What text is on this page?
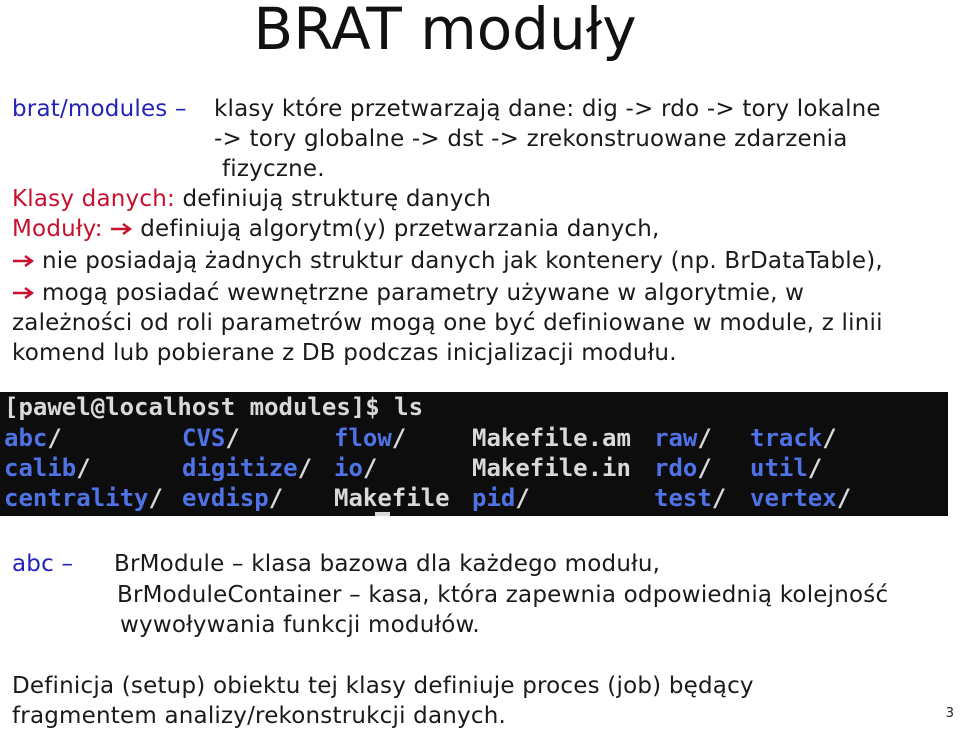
BRAT moduły
brat/modules – klasy które przetwarzają dane: dig -> rdo -> tory lokalne
-> tory globalne -> dst -> zrekonstruowane zdarzenia
fizyczne.
Klasy danych: definiują strukturę danych
Moduły: definiują algorytm(y) przetwarzania danych,
nie posiadają żadnych struktur danych jak kontenery (np. BrDataTable),
mogą posiadać wewnętrzne parametry używane w algorytmie, w
zależności od roli parametrów mogą one być definiowane w module, z linii
komend lub pobierane z DB podczas inicjalizacji modułu.
[pawel@localhost modules]$ ls
abc/	CVS/	flow/	Makefile.am raw/ track/
calib/	digitize/ io/	Makefile.in rdo/ util/
centrality/ evdisp/ Makefile pid/	test/ vertex/
abc – BrModule – klasa bazowa dla każdego modułu,
BrModuleContainer – kasa, która zapewnia odpowiednią kolejność
wywoływania funkcji modułów.
Definicja (setup) obiektu tej klasy definiuje proces (job) będący
fragmentem analizy/rekonstrukcji danych.	3
